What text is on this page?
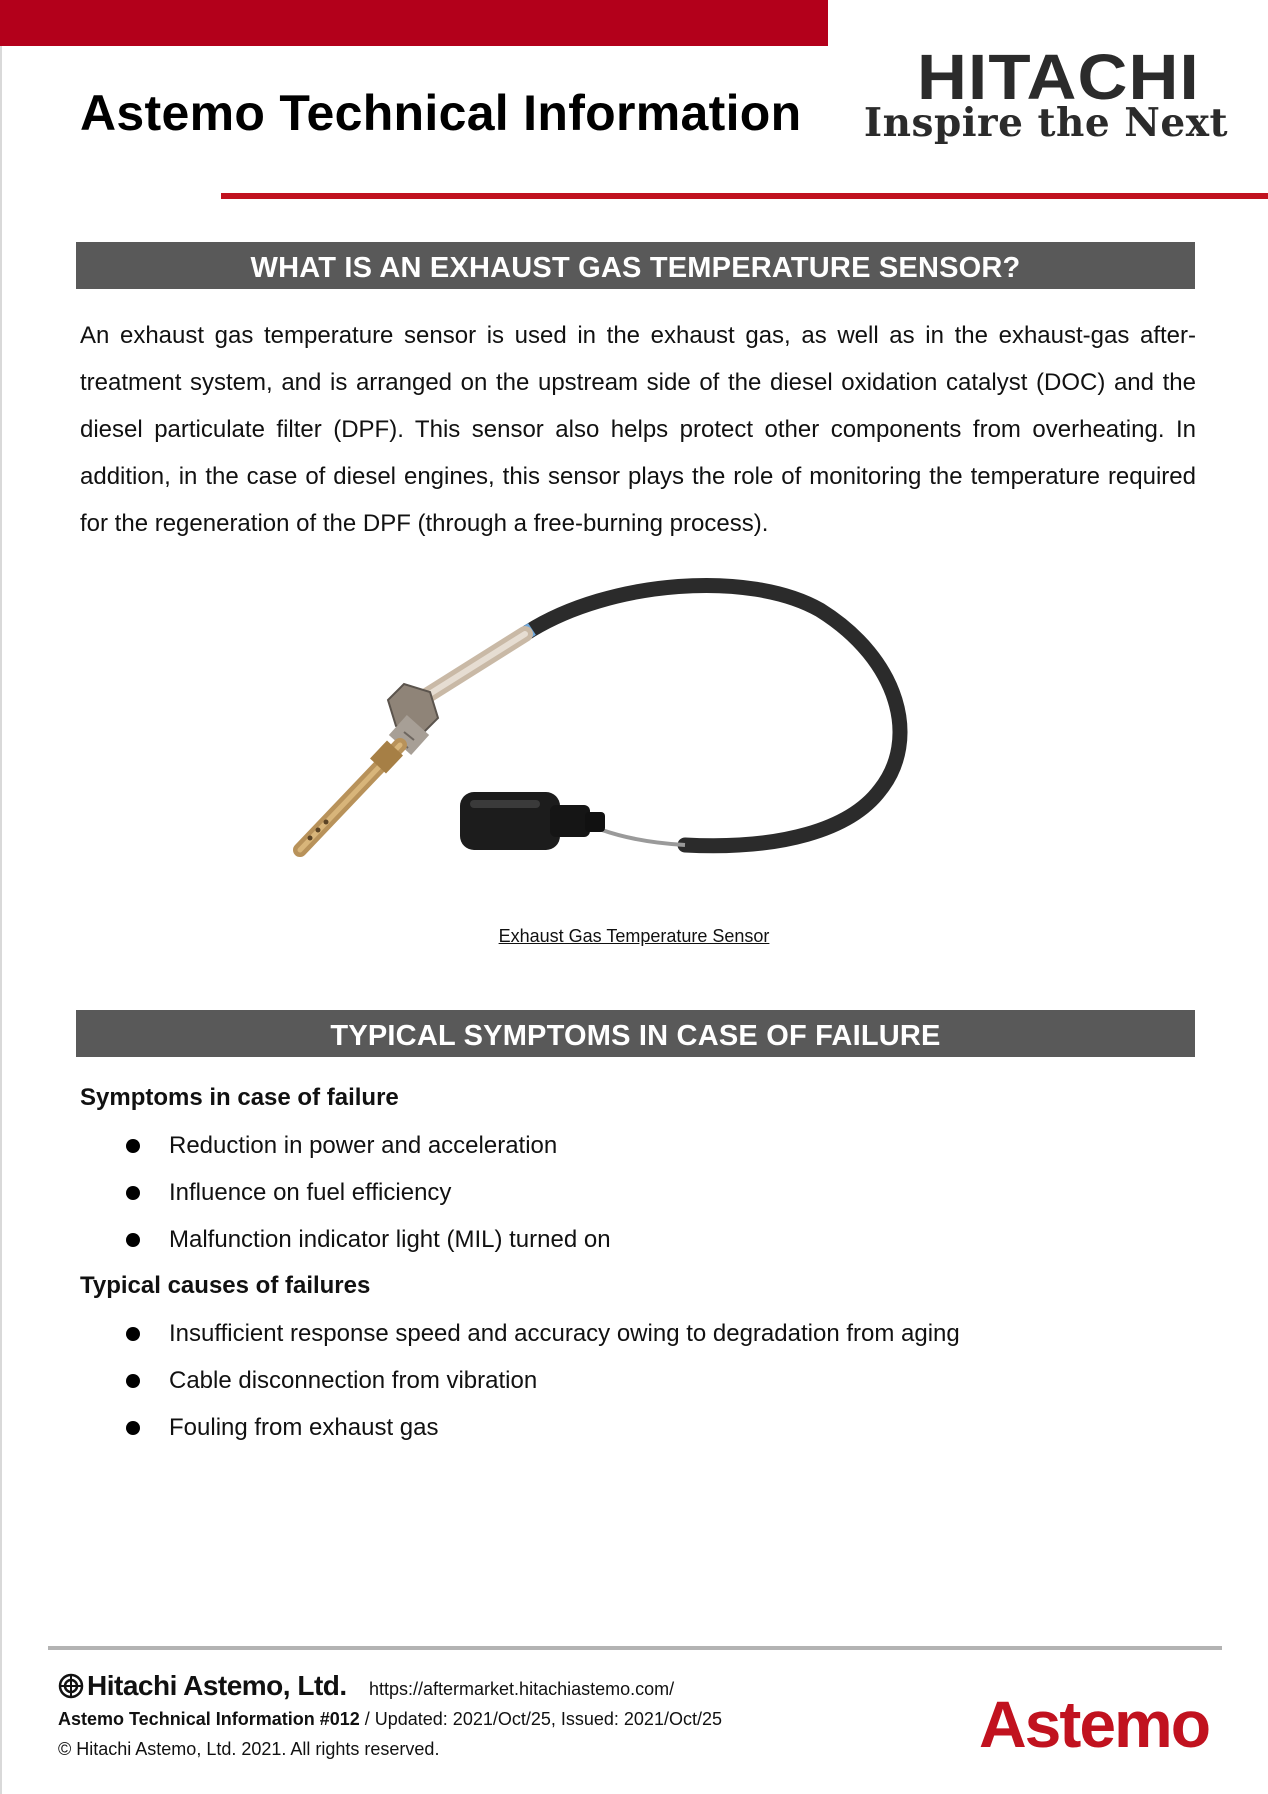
Astemo Technical Information HITACHI
Inspire the Next
WHAT IS AN EXHAUST GAS TEMPERATURE SENSOR?
An exhaust gas temperature sensor is used in the exhaust gas, as well as in the exhaust-gas after-treatment system, and is arranged on the upstream side of the diesel oxidation catalyst (DOC) and the diesel particulate filter (DPF). This sensor also helps protect other components from overheating. In addition, in the case of diesel engines, this sensor plays the role of monitoring the temperature required for the regeneration of the DPF (through a free-burning process).
Exhaust Gas Temperature Sensor
TYPICAL SYMPTOMS IN CASE OF FAILURE
Symptoms in case of failure
Reduction in power and acceleration
Influence on fuel efficiency
Malfunction indicator light (MIL) turned on
Typical causes of failures
Insufficient response speed and accuracy owing to degradation from aging
Cable disconnection from vibration
Fouling from exhaust gas
Hitachi Astemo, Ltd. https://aftermarket.hitachiastemo.com/
Astemo Technical Information #012 / Updated: 2021/Oct/25, Issued: 2021/Oct/25
© Hitachi Astemo, Ltd. 2021. All rights reserved.	Astemo
